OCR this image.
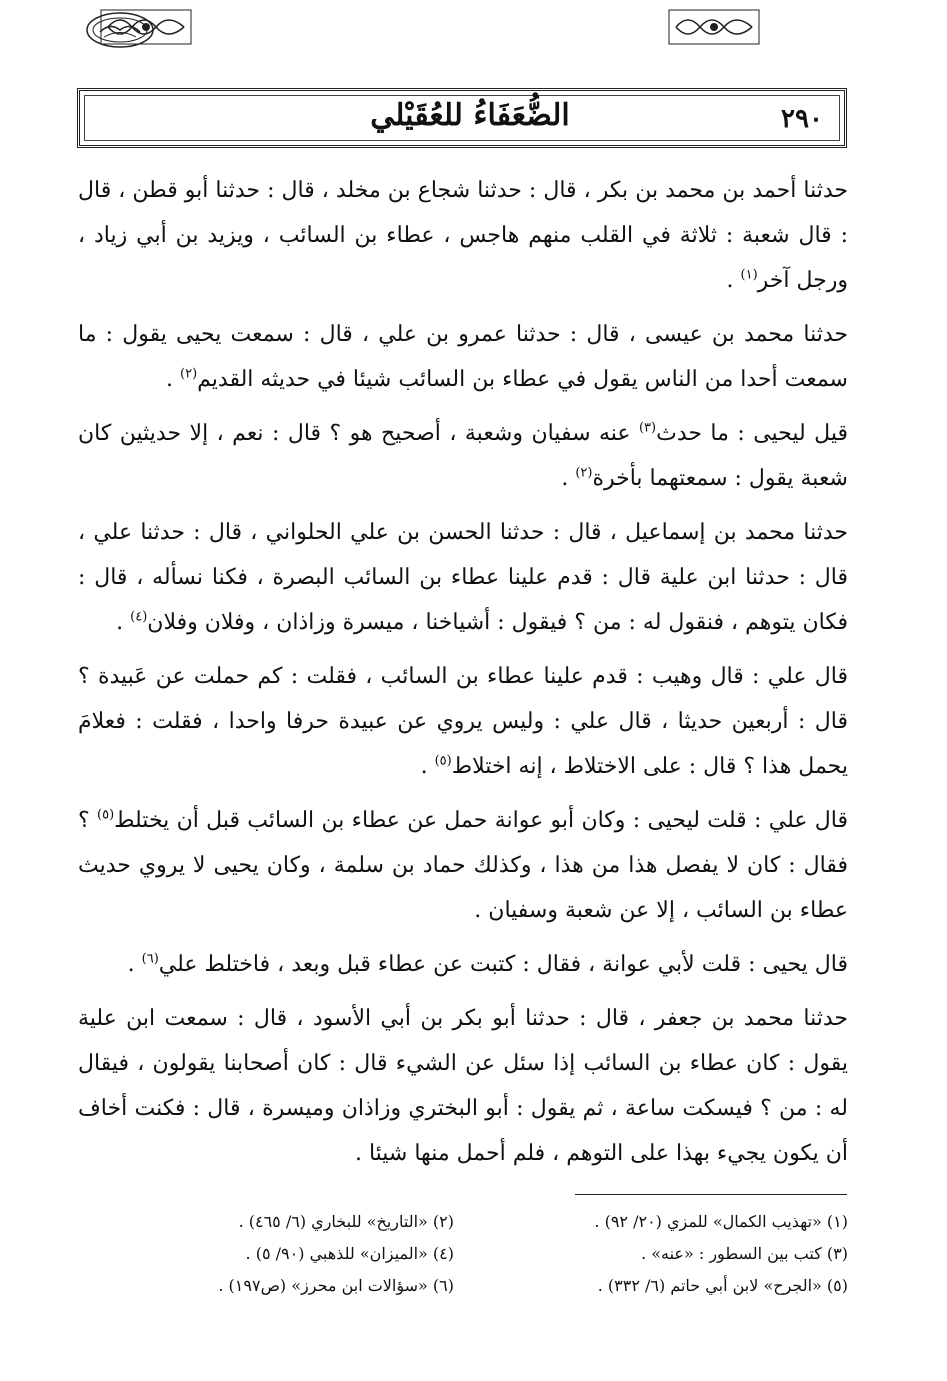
٢٩٠
الضُّعَفَاءُ للعُقَيْلي

حدثنا أحمد بن محمد بن بكر ، قال : حدثنا شجاع بن مخلد ، قال : حدثنا أبو قطن ، قال : قال شعبة : ثلاثة في القلب منهم هاجس ، عطاء بن السائب ، ويزيد بن أبي زياد ، ورجل آخر$^{(١)}$ .

حدثنا محمد بن عيسى ، قال : حدثنا عمرو بن علي ، قال : سمعت يحيى يقول : ما سمعت أحدا من الناس يقول في عطاء بن السائب شيئا في حديثه القديم$^{(٢)}$ .

قيل ليحيى : ما حدث$^{(٣)}$ عنه سفيان وشعبة ، أصحيح هو ؟ قال : نعم ، إلا حديثين كان شعبة يقول : سمعتهما بأخرة$^{(٢)}$ .

حدثنا محمد بن إسماعيل ، قال : حدثنا الحسن بن علي الحلواني ، قال : حدثنا علي ، قال : حدثنا ابن علية قال : قدم علينا عطاء بن السائب البصرة ، فكنا نسأله ، قال : فكان يتوهم ، فنقول له : من ؟ فيقول : أشياخنا ، ميسرة وزاذان ، وفلان وفلان$^{(٤)}$ .

قال علي : قال وهيب : قدم علينا عطاء بن السائب ، فقلت : كم حملت عن عَبيدة ؟ قال : أربعين حديثا ، قال علي : وليس يروي عن عبيدة حرفا واحدا ، فقلت : فعلامَ يحمل هذا ؟ قال : على الاختلاط ، إنه اختلاط$^{(٥)}$ .

قال علي : قلت ليحيى : وكان أبو عوانة حمل عن عطاء بن السائب قبل أن يختلط$^{(٥)}$ ؟ فقال : كان لا يفصل هذا من هذا ، وكذلك حماد بن سلمة ، وكان يحيى لا يروي حديث عطاء بن السائب ، إلا عن شعبة وسفيان .

قال يحيى : قلت لأبي عوانة ، فقال : كتبت عن عطاء قبل وبعد ، فاختلط علي$^{(٦)}$ .

حدثنا محمد بن جعفر ، قال : حدثنا أبو بكر بن أبي الأسود ، قال : سمعت ابن علية يقول : كان عطاء بن السائب إذا سئل عن الشيء قال : كان أصحابنا يقولون ، فيقال له : من ؟ فيسكت ساعة ، ثم يقول : أبو البختري وزاذان وميسرة ، قال : فكنت أخاف أن يكون يجيء بهذا على التوهم ، فلم أحمل منها شيئا .

(١) «تهذيب الكمال» للمزي (٢٠/ ٩٢) .
(٢) «التاريخ» للبخاري (٦/ ٤٦٥) .
(٣) كتب بين السطور : «عنه» .
(٤) «الميزان» للذهبي (٩٠/ ٥) .
(٥) «الجرح» لابن أبي حاتم (٦/ ٣٣٢) .
(٦) «سؤالات ابن محرز» (ص١٩٧) .
